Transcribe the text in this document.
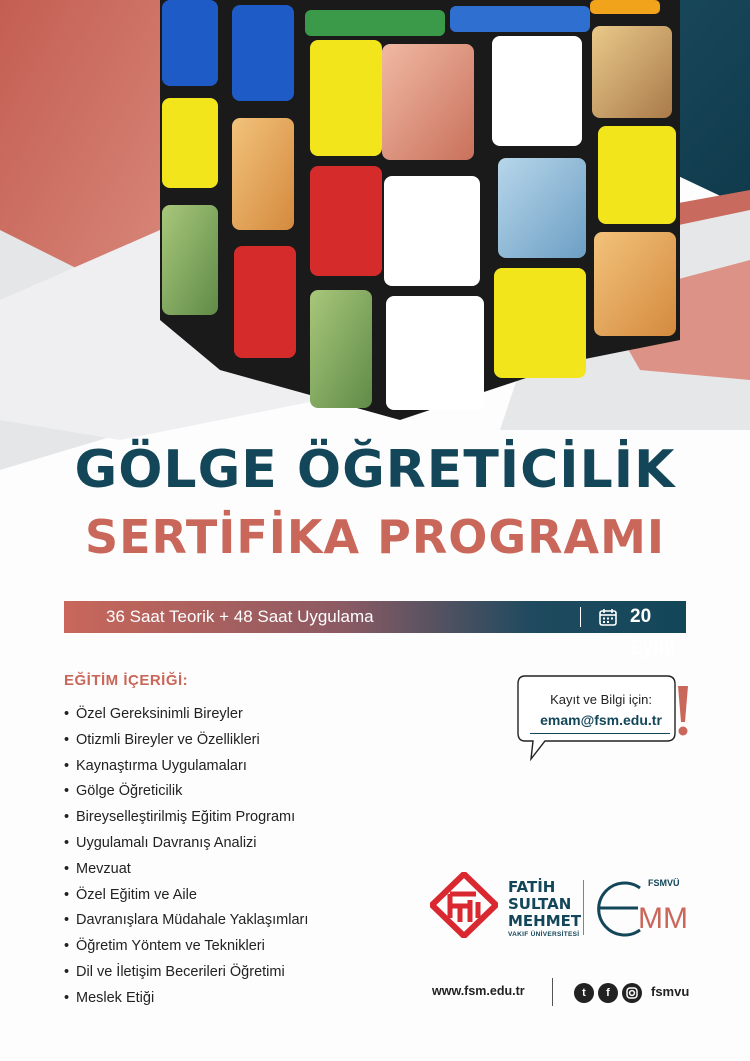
GÖLGE ÖĞRETİCİLİK
SERTİFİKA PROGRAMI
36 Saat Teorik + 48 Saat Uygulama	20 Eylül
EĞİTİM İÇERİĞİ:
• Özel Gereksinimli Bireyler
• Otizmli Bireyler ve Özellikleri
• Kaynaştırma Uygulamaları
• Gölge Öğreticilik
• Bireyselleştirilmiş Eğitim Programı
• Uygulamalı Davranış Analizi
• Mevzuat
• Özel Eğitim ve Aile
• Davranışlara Müdahale Yaklaşımları
• Öğretim Yöntem ve Teknikleri
• Dil ve İletişim Becerileri Öğretimi
• Meslek Etiği
Kayıt ve Bilgi için:
emam@fsm.edu.tr
FATİH
SULTAN
MEHMET
VAKIF ÜNİVERSİTESİ
FSMVÜ
MM
www.fsm.edu.tr	t	f	fsmvu
